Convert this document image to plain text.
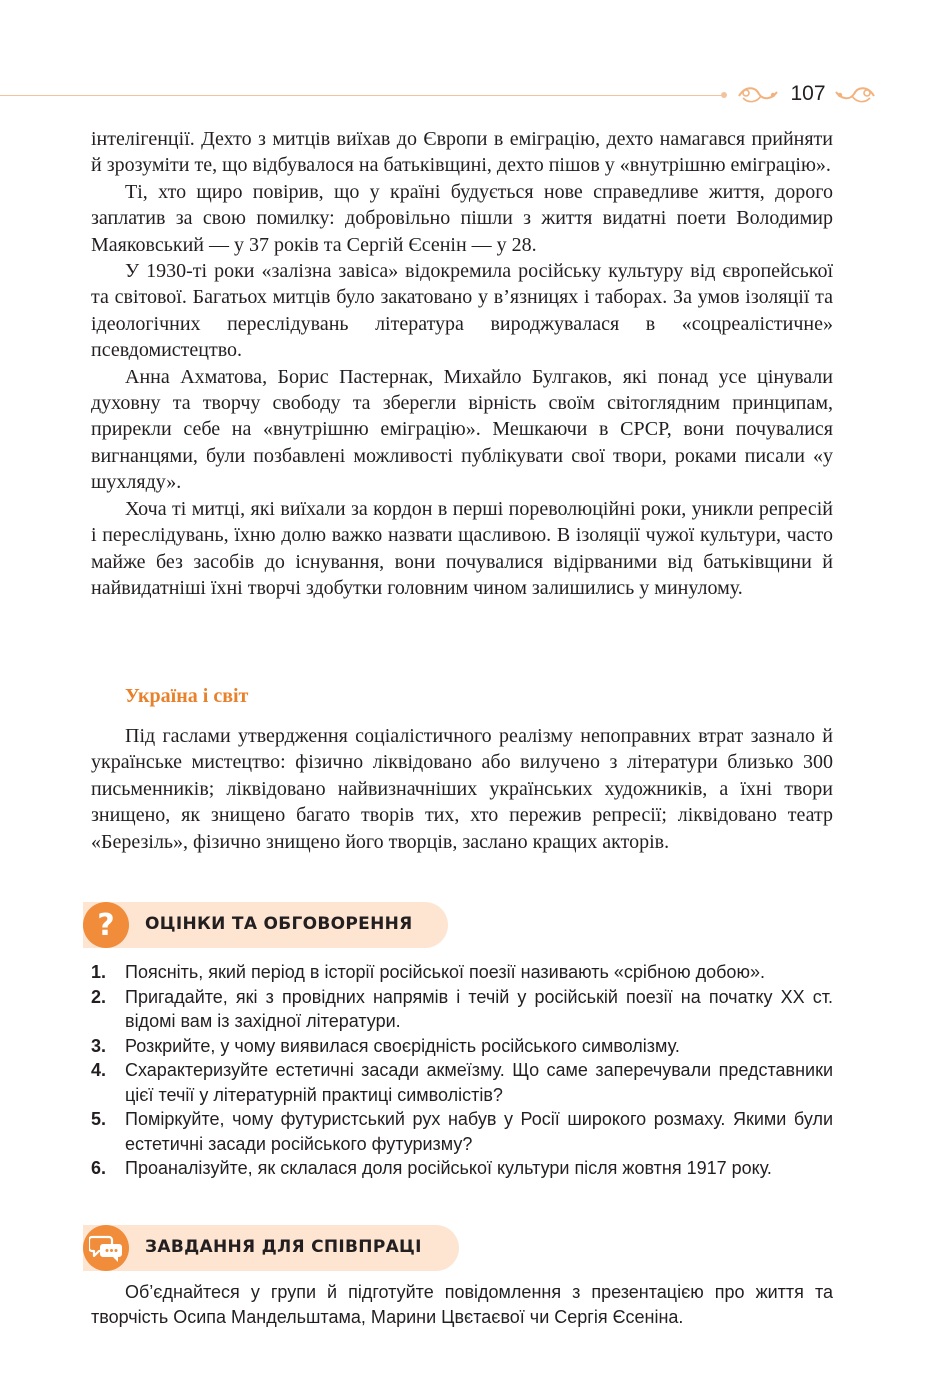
107

інтелігенції. Дехто з митців виїхав до Європи в еміграцію, дехто намагався прийняти й зрозуміти те, що відбувалося на батьківщині, дехто пішов у «внутрішню еміграцію».

Ті, хто щиро повірив, що у країні будується нове справедливе життя, дорого заплатив за свою помилку: добровільно пішли з життя видатні поети Володимир Маяковський — у 37 років та Сергій Єсенін — у 28.

У 1930-ті роки «залізна завіса» відокремила російську культуру від європейської та світової. Багатьох митців було закатовано у в’язницях і таборах. За умов ізоляції та ідеологічних переслідувань література вироджувалася в «соцреалістичне» псевдомистецтво.

Анна Ахматова, Борис Пастернак, Михайло Булгаков, які понад усе цінували духовну та творчу свободу та зберегли вірність своїм світоглядним принципам, прирекли себе на «внутрішню еміграцію». Мешкаючи в СРСР, вони почувалися вигнанцями, були позбавлені можливості публікувати свої твори, роками писали «у шухляду».

Хоча ті митці, які виїхали за кордон в перші пореволюційні роки, уникли репресій і переслідувань, їхню долю важко назвати щасливою. В ізоляції чужої культури, часто майже без засобів до існування, вони почувалися відірваними від батьківщини й найвидатніші їхні творчі здобутки головним чином залишились у минулому.

Україна і світ

Під гаслами утвердження соціалістичного реалізму непоправних втрат зазнало й українське мистецтво: фізично ліквідовано або вилучено з літератури близько 300 письменників; ліквідовано найвизначніших українських художників, а їхні твори знищено, як знищено багато творів тих, хто пережив репресії; ліквідовано театр «Березіль», фізично знищено його творців, заслано кращих акторів.

? ОЦІНКИ ТА ОБГОВОРЕННЯ
1. Поясніть, який період в історії російської поезії називають «срібною добою».
2. Пригадайте, які з провідних напрямів і течій у російській поезії на початку ХХ ст. відомі вам із західної літератури.
3. Розкрийте, у чому виявилася своєрідність російського символізму.
4. Схарактеризуйте естетичні засади акмеїзму. Що саме заперечували представники цієї течії у літературній практиці символістів?
5. Поміркуйте, чому футуристський рух набув у Росії широкого розмаху. Якими були естетичні засади російського футуризму?
6. Проаналізуйте, як склалася доля російської культури після жовтня 1917 року.
ЗАВДАННЯ ДЛЯ СПІВПРАЦІ

Об’єднайтеся у групи й підготуйте повідомлення з презентацією про життя та творчість Осипа Мандельштама, Марини Цвєтаєвої чи Сергія Єсеніна.
